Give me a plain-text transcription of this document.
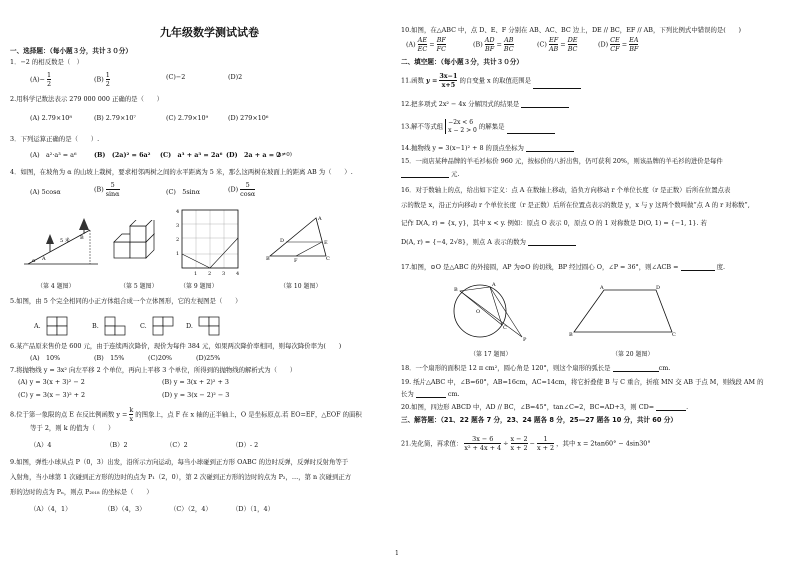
九年级数学测试试卷
一、选择题：（每小题３分，共计３０分）
1．−2 的相反数是（　）
$(A)- \frac{1}{2}$	$(B) \frac{1}{2}$	(C)−2	(D)2
2.用科学记数法表示 279 000 000 正确的是（　　）
(A) 2.79×10⁸	(B) 2.79×10⁷	(C) 2.79×10⁹	(D) 279×10⁶
3．下列运算正确的是（　　）.
(A)　a²·a³ = a⁶	(B)　(2a)² = 6a² (C)　a³ + a³ = 2a⁶ (D)　2a + a = 2
(a≠0)
4．如图，在坡角为 α 的山坡上栽树，要求相邻两树之间的水平距离为 5 米，那么这两树在坡面上的距离 AB 为（　　）.
(A) 5cosα	$(B) \frac{5}{\sin\alpha}$	(C)　5sinα	$(D) \frac{5}{\cos\alpha}$
A
B
5 米
α
（第 4 题图）	（第 5 题图）
4
3
2
1
1 2 3 4
（第 9 题图）
A
D	E
B	F	C
（第 10 题图）
5.如图，由 5 个完全相同的小正方体组合成一个立体图形，它的左视图是（　　）
A.	B.	C.	D.
6.某产品原来售价是 600 元，由于连续两次降价，现价为每件 384 元，如果两次降价率相同，则每次降价率为(　　)
(A)　10%	(B)　15%	(C)20%	(D)25%
7.将抛物线 y = 3x² 向左平移 2 个单位，再向上平移 3 个单位，所得到的抛物线的解析式为（　　）
(A) y = 3(x + 3)² − 2	(B) y = 3(x + 2)² + 3
(C) y = 3(x − 3)² + 2	(D) y = 3(x − 2)² − 3
8.位于第一象限的点 E 在反比例函数 $y = \frac{k}{x}$ 的图象上，点 F 在 x 轴的正半轴上，O 是坐标原点.若 EO=EF，△EOF 的面积
等于 2，则 k 的值为（　　）
（A）4	（B）2	（C）2	（D）- 2
9.如图，弹性小球从点 P（0，3）出发，沿所示方向运动，每当小球碰到正方形 OABC 的边时反弹，反弹时反射角等于
入射角，当小球第 1 次碰到正方形的边时的点为 P₁（2，0），第 2 次碰到正方形的边时的点为 P₂，…，第 n 次碰到正方
形的边时的点为 Pₙ，则点 P₂₀₁₈ 的坐标是（　　）
（A）（4，1）	（B）（4，3）	（C）（2，4）	（D）（1，4）
10.如图，在△ABC 中，点 D、E、F 分别在 AB、AC、BC 边上，DE // BC，EF // AB，下列比例式中错误的是(　　)
$(A) \frac{AE}{EC} = \frac{BF}{FC}$	$(B) \frac{AD}{BF} = \frac{AB}{BC}$	$(C) \frac{EF}{AB} = \frac{DE}{BC}$	$(D) \frac{CE}{CF} = \frac{EA}{BF}$
二、填空题：（每小题３分，共计３０分）
11.函数 $y = \frac{3x-1}{x+5}$ 的自变量 x 的取值范围是
12.把多项式 2x² − 4x 分解因式的结果是
13.解不等式组 −2x < 6
x − 2 > 0 的解集是
14.抛物线 y = 3(x−1)² + 8 的顶点坐标为
15．一商店某种品牌的羊毛衫标价 960 元，按标价的八折出售，仍可获利 20%，则该品牌的羊毛衫的进价是每件
元.
16．对于数轴上的点，给出如下定义：点 A 在数轴上移动，沿负方向移动 r 个单位长度（r 是正数）后所在位置点表
示的数是 x，沿正方向移动 r 个单位长度（r 是正数）后所在位置点表示的数是 y，x 与 y 这两个数叫做“点 A 的 r 对称数”,
记作 D(A, r) = {x, y}，其中 x < y. 例如：原点 O 表示 0，原点 O 的 1 对称数是 D(O, 1) = {−1, 1}. 若
D(A, r) = {−4, 2√8}，则点 A 表示的数为
17.如图，⊙O 是△ABC 的外接圆，AP 为⊙O 的切线，BP 经过圆心 O，∠P = 36°，则∠ACB =	度.
B
A
C
O
P
（第 17 题图）
A	D
B	C
（第 20 题图）
18．一个扇形的面积是 12 π cm²，圆心角是 120°，则这个扇形的弧长是	cm.
19. 纸片△ABC 中，∠B=60°，AB=16cm，AC=14cm，将它折叠使 B 与 C 重合，折痕 MN 交 AB 于点 M，则线段 AM 的
长为	cm.
20.如图，四边形 ABCD 中，AD // BC，∠B=45°，tan∠C=2，BC=AD+3，则 CD=	.
三、解答题：（21、22 题各 7 分，23、24 题各 8 分，25—27 题各 10 分，共计 60 分）
21.先化简，再求值： $\frac{3x - 6}{\text{x² + 4x + 4}} \div \frac{x - 2}{x + 2} - \frac{1}{x + 2}$ ，其中 x = 2tan60° − 4sin30°
1
